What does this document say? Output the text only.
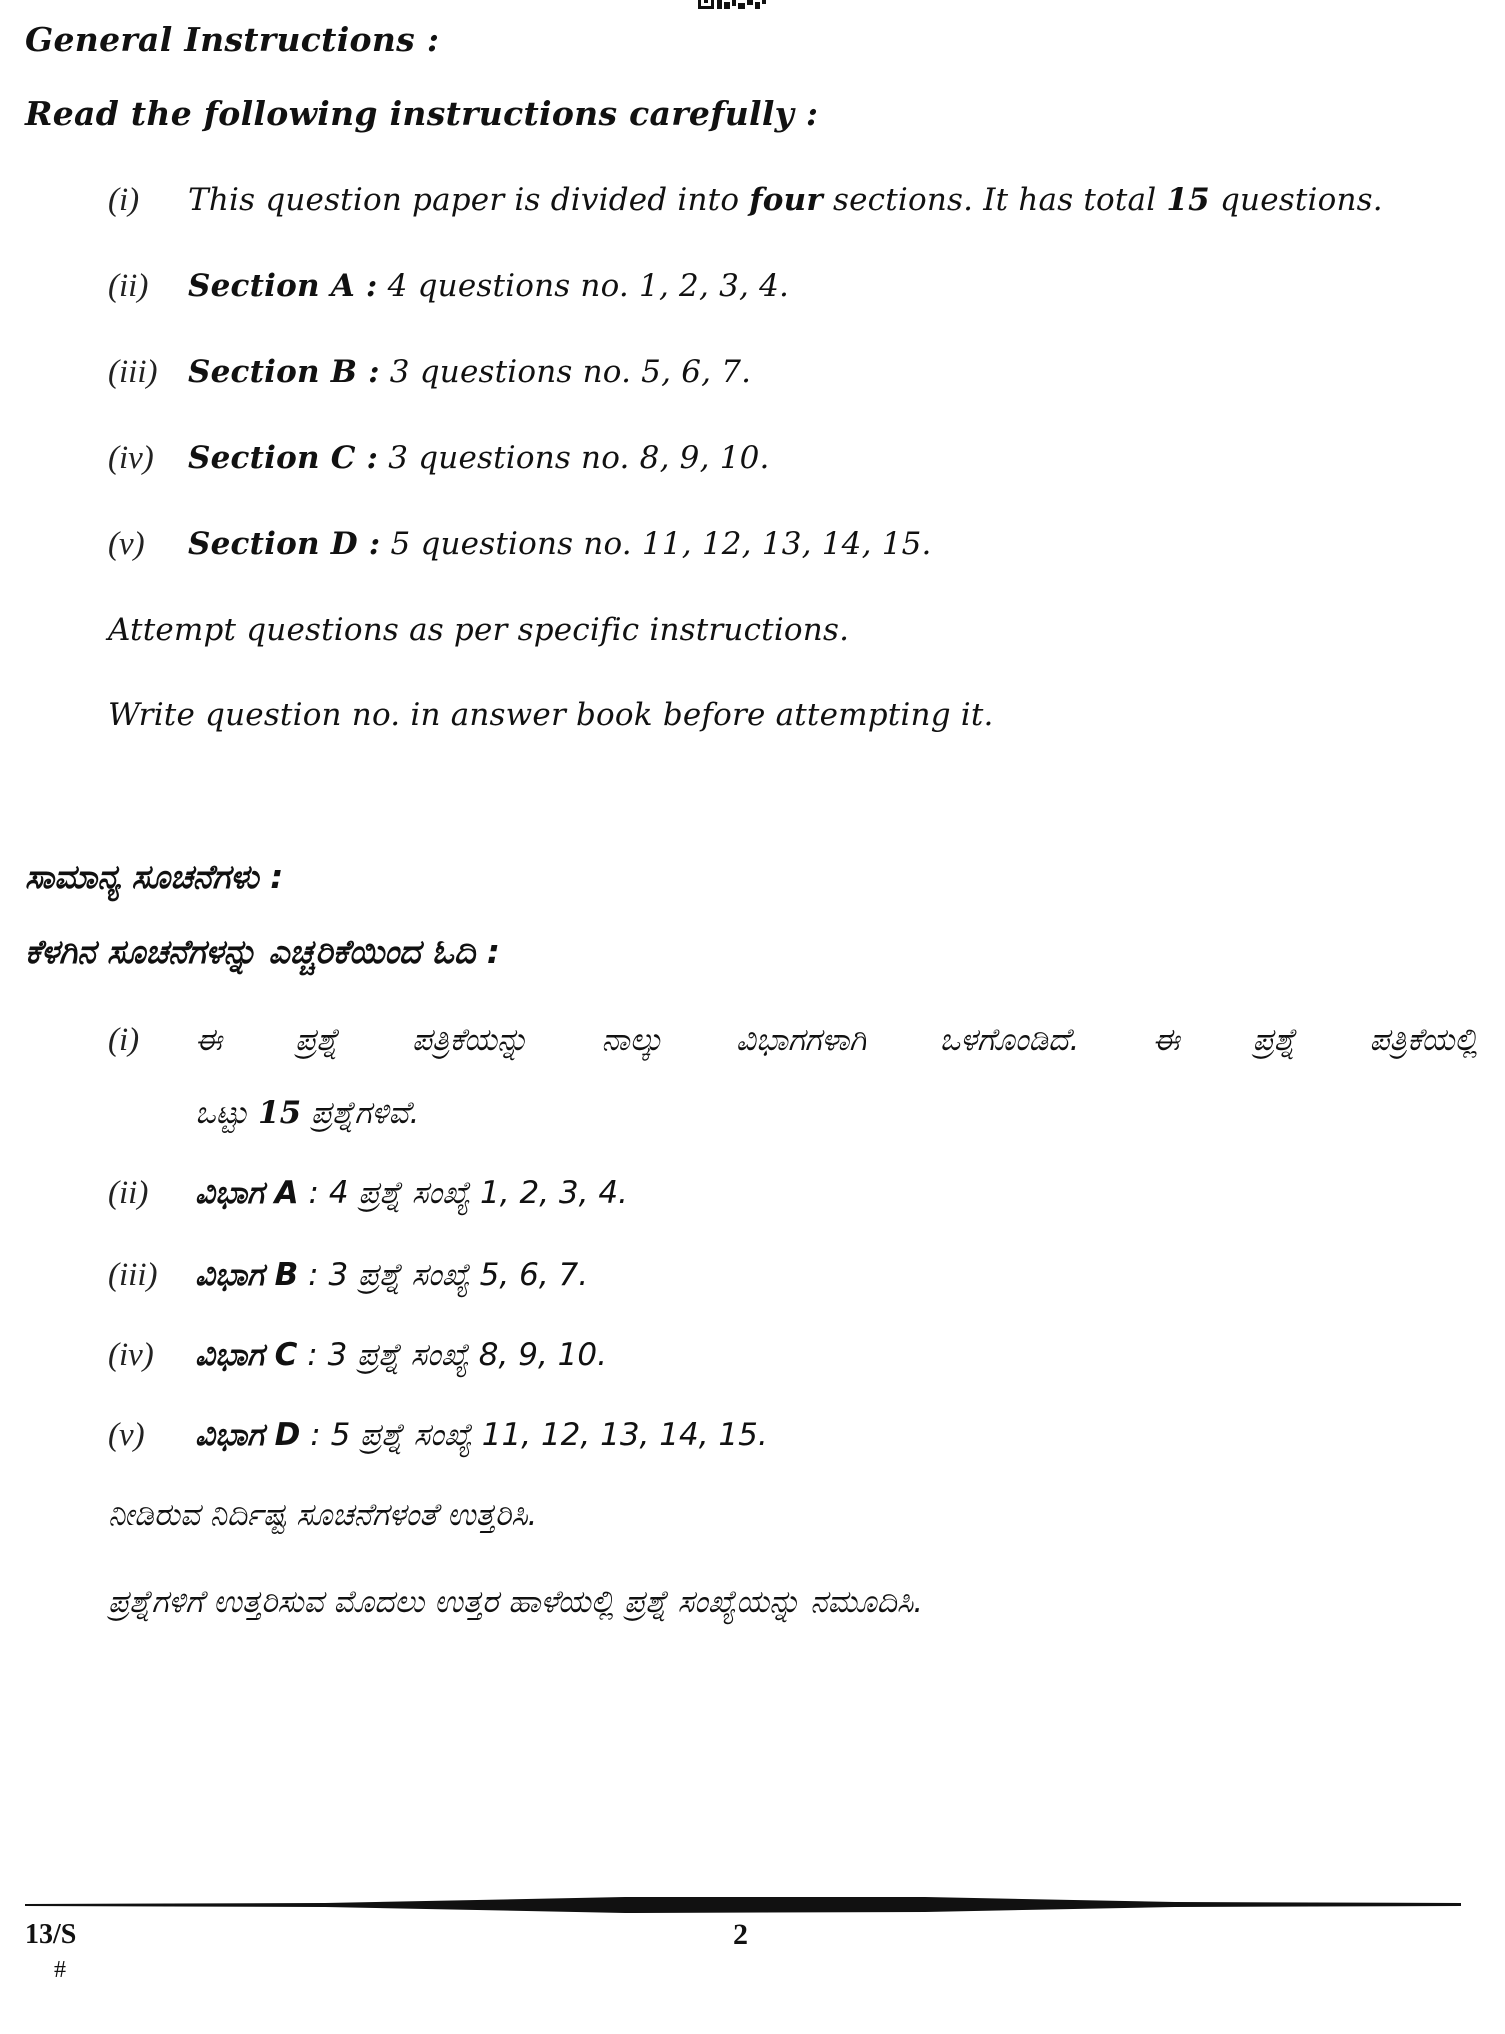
General Instructions :
Read the following instructions carefully :
(i) This question paper is divided into four sections. It has total 15 questions.
(ii) Section A : 4 questions no. 1, 2, 3, 4.
(iii) Section B : 3 questions no. 5, 6, 7.
(iv) Section C : 3 questions no. 8, 9, 10.
(v) Section D : 5 questions no. 11, 12, 13, 14, 15.
Attempt questions as per specific instructions.
Write question no. in answer book before attempting it.
ಸಾಮಾನ್ಯ ಸೂಚನೆಗಳು :
ಕೆಳಗಿನ ಸೂಚನೆಗಳನ್ನು ಎಚ್ಚರಿಕೆಯಿಂದ ಓದಿ :
(i) ಈ ಪ್ರಶ್ನೆ ಪತ್ರಿಕೆಯನ್ನು ನಾಲ್ಕು ವಿಭಾಗಗಳಾಗಿ ಒಳಗೊಂಡಿದೆ. ಈ ಪ್ರಶ್ನೆ ಪತ್ರಿಕೆಯಲ್ಲಿ
ಒಟ್ಟು 15 ಪ್ರಶ್ನೆಗಳಿವೆ.
(ii) ವಿಭಾಗ A : 4 ಪ್ರಶ್ನೆ ಸಂಖ್ಯೆ 1, 2, 3, 4.
(iii) ವಿಭಾಗ B : 3 ಪ್ರಶ್ನೆ ಸಂಖ್ಯೆ 5, 6, 7.
(iv) ವಿಭಾಗ C : 3 ಪ್ರಶ್ನೆ ಸಂಖ್ಯೆ 8, 9, 10.
(v) ವಿಭಾಗ D : 5 ಪ್ರಶ್ನೆ ಸಂಖ್ಯೆ 11, 12, 13, 14, 15.
ನೀಡಿರುವ ನಿರ್ದಿಷ್ಟ ಸೂಚನೆಗಳಂತೆ ಉತ್ತರಿಸಿ.
ಪ್ರಶ್ನೆಗಳಿಗೆ ಉತ್ತರಿಸುವ ಮೊದಲು ಉತ್ತರ ಹಾಳೆಯಲ್ಲಿ ಪ್ರಶ್ನೆ ಸಂಖ್ಯೆಯನ್ನು ನಮೂದಿಸಿ.
13/S
#
2
